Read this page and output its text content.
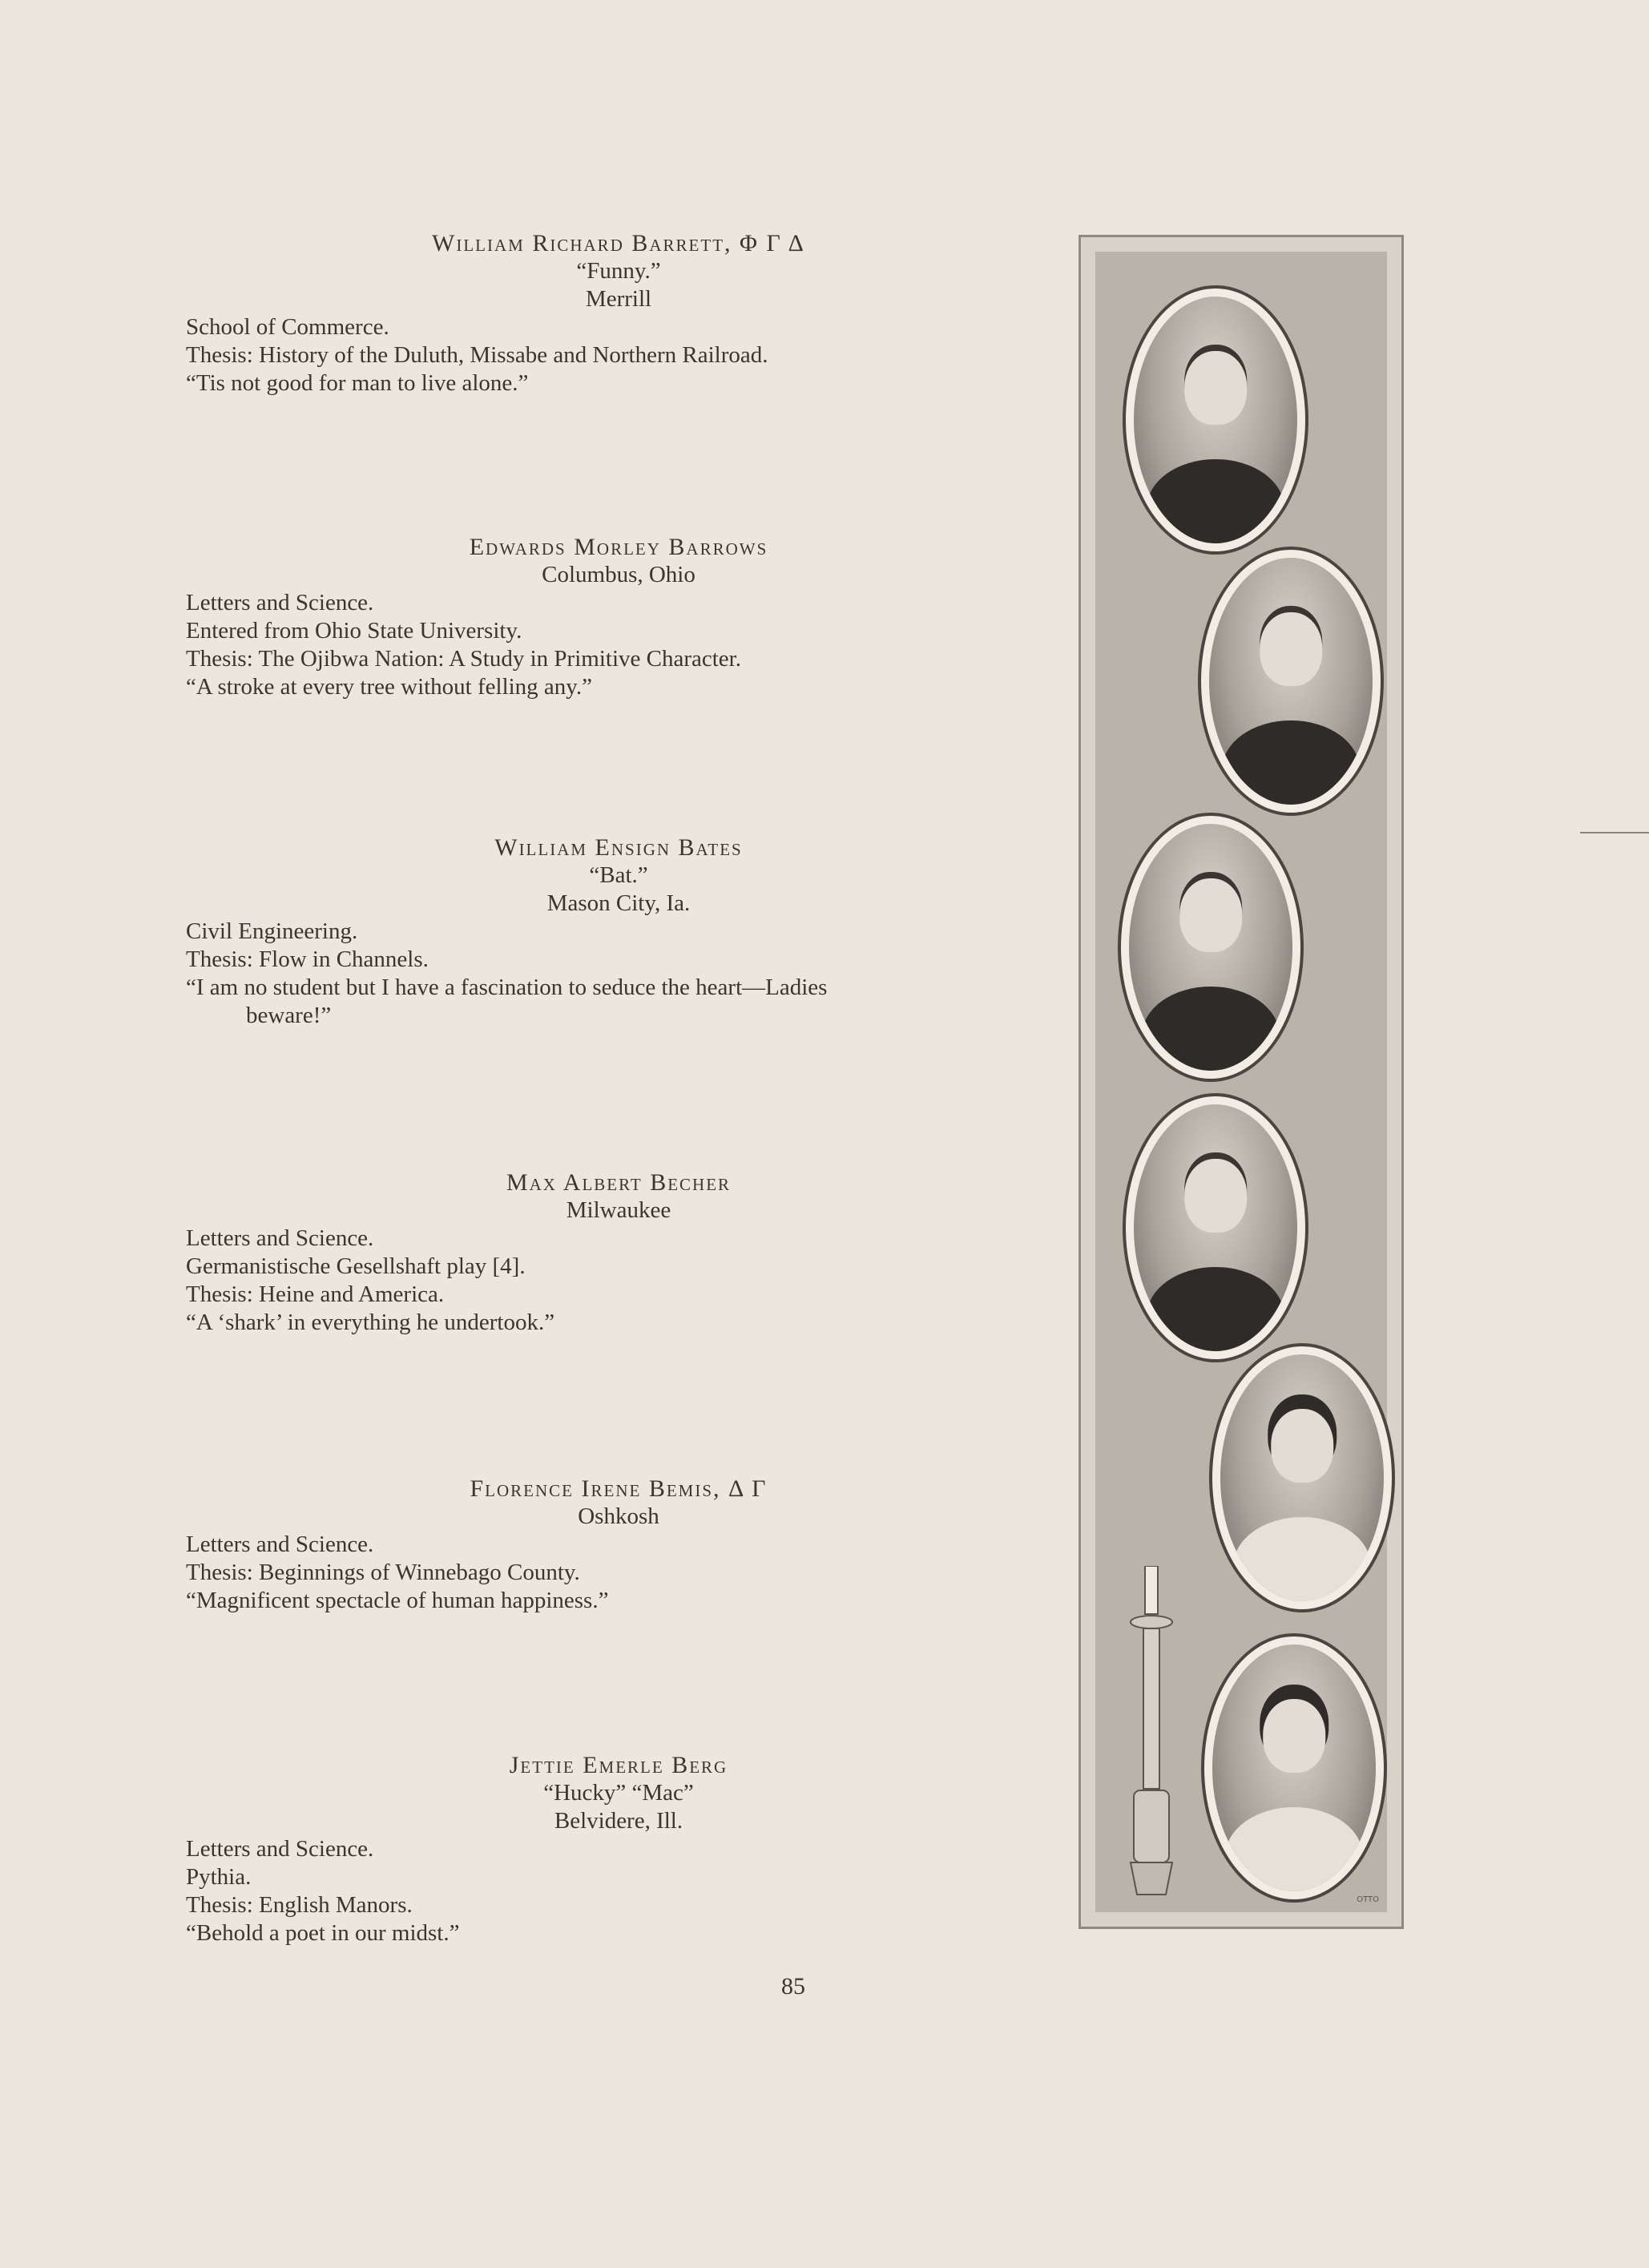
William Richard Barrett, Φ Γ Δ

“Funny.”

Merrill

School of Commerce.

Thesis: History of the Duluth, Missabe and Northern Railroad.

“Tis not good for man to live alone.”

Edwards Morley Barrows

Columbus, Ohio

Letters and Science.

Entered from Ohio State University.

Thesis: The Ojibwa Nation: A Study in Primitive Character.

“A stroke at every tree without felling any.”

William Ensign Bates

“Bat.”

Mason City, Ia.

Civil Engineering.

Thesis: Flow in Channels.

“I am no student but I have a fascination to seduce the heart—Ladies

beware!”

Max Albert Becher

Milwaukee

Letters and Science.

Germanistische Gesellshaft play [4].

Thesis: Heine and America.

“A ‘shark’ in everything he undertook.”

Florence Irene Bemis, Δ Γ

Oshkosh

Letters and Science.

Thesis: Beginnings of Winnebago County.

“Magnificent spectacle of human happiness.”

Jettie Emerle Berg

“Hucky” “Mac”

Belvidere, Ill.

Letters and Science.

Pythia.

Thesis: English Manors.

“Behold a poet in our midst.”

85
OTTO
